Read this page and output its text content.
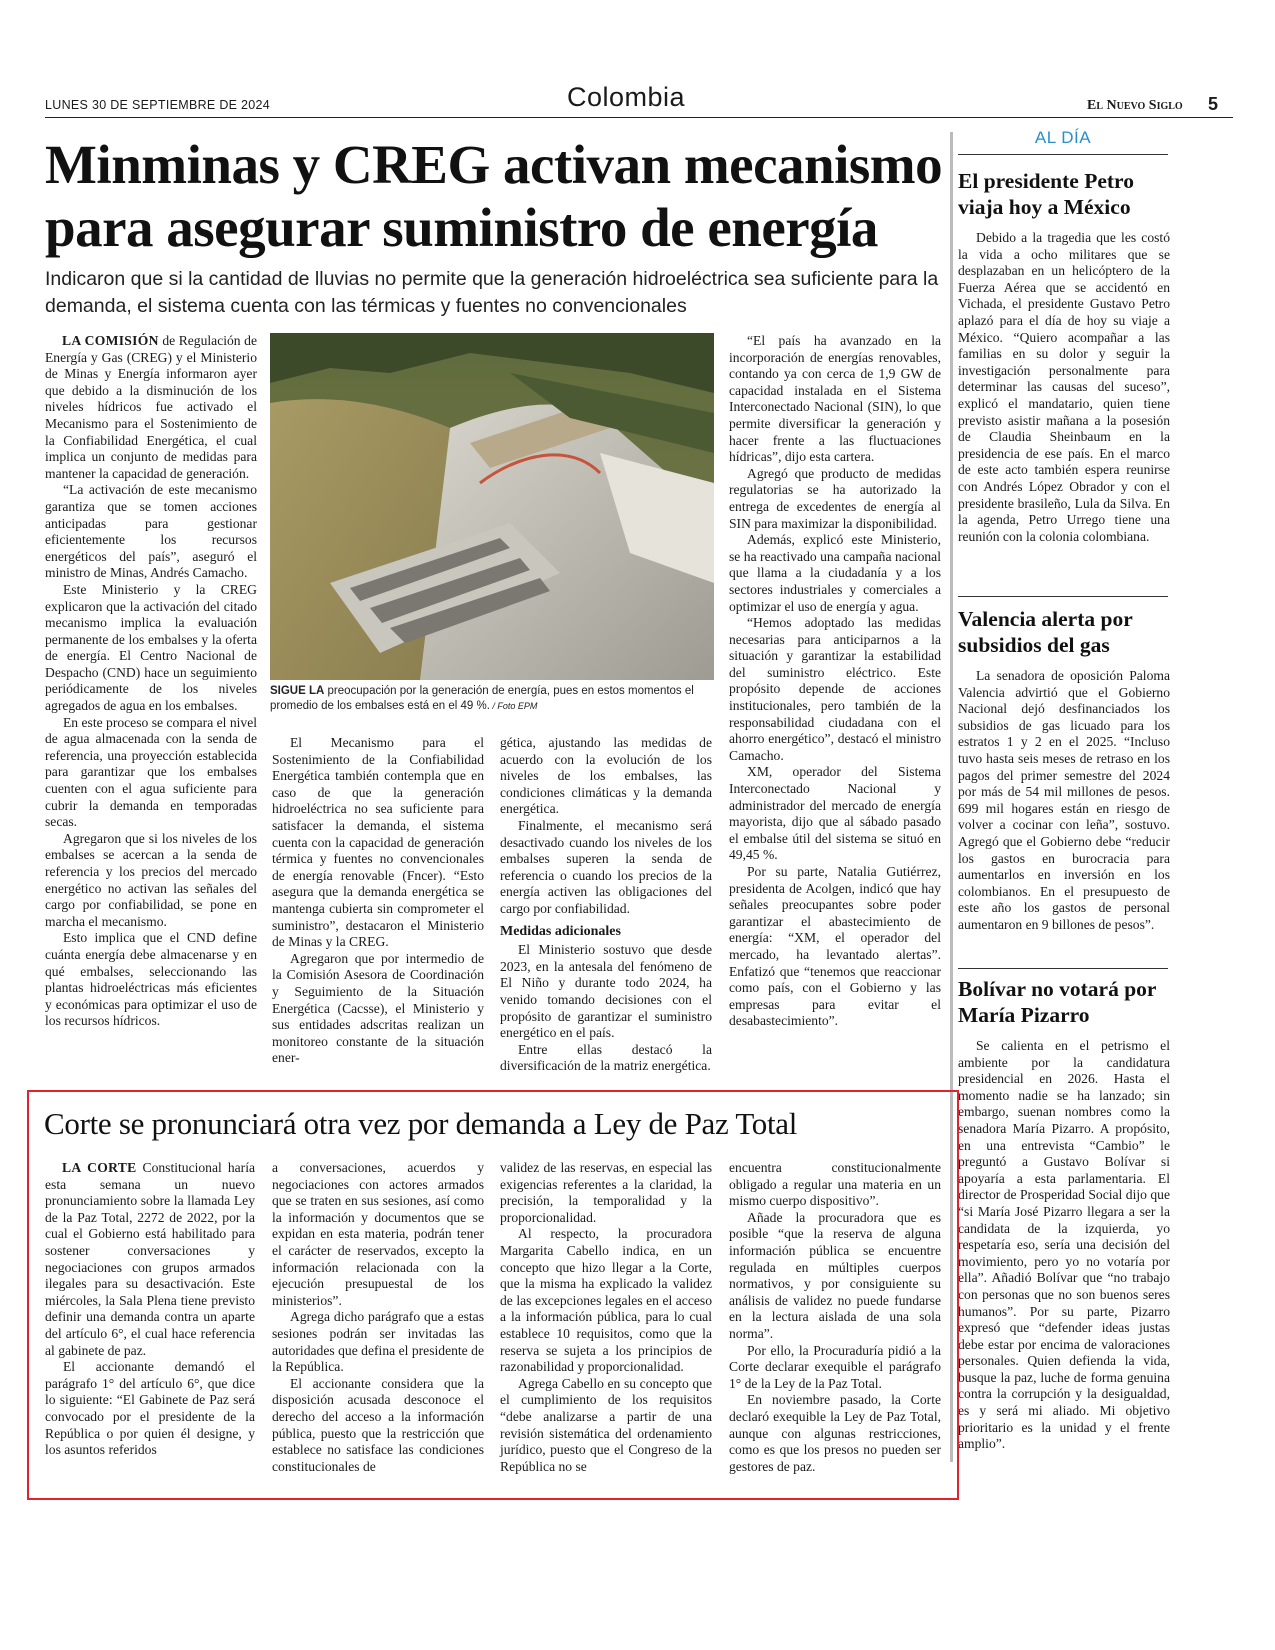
LUNES 30 DE SEPTIEMBRE DE 2024	Colombia	El Nuevo Siglo 5
Minminas y CREG activan mecanismo para asegurar suministro de energía

Indicaron que si la cantidad de lluvias no permite que la generación hidroeléctrica sea suficiente para la demanda, el sistema cuenta con las térmicas y fuentes no convencionales

LA COMISIÓN de Regulación de Energía y Gas (CREG) y el Ministerio de Minas y Energía informaron ayer que debido a la disminución de los niveles hídricos fue activado el Mecanismo para el Sostenimiento de la Confiabilidad Energética, el cual implica un conjunto de medidas para mantener la capacidad de generación.

“La activación de este mecanismo garantiza que se tomen acciones anticipadas para gestionar eficientemente los recursos energéticos del país”, aseguró el ministro de Minas, Andrés Camacho.

Este Ministerio y la CREG explicaron que la activación del citado mecanismo implica la evaluación permanente de los embalses y la oferta de energía. El Centro Nacional de Despacho (CND) hace un seguimiento periódicamente de los niveles agregados de agua en los embalses.

En este proceso se compara el nivel de agua almacenada con la senda de referencia, una proyección establecida para garantizar que los embalses cuenten con el agua suficiente para cubrir la demanda en temporadas secas.

Agregaron que si los niveles de los embalses se acercan a la senda de referencia y los precios del mercado energético no activan las señales del cargo por confiabilidad, se pone en marcha el mecanismo.

Esto implica que el CND define cuánta energía debe almacenarse y en qué embalses, seleccionando las plantas hidroeléctricas más eficientes y económicas para optimizar el uso de los recursos hídricos.

SIGUE LA preocupación por la generación de energía, pues en estos momentos el promedio de los embalses está en el 49 %. / Foto EPM

El Mecanismo para el Sostenimiento de la Confiabilidad Energética también contempla que en caso de que la generación hidroeléctrica no sea suficiente para satisfacer la demanda, el sistema cuenta con la capacidad de generación térmica y fuentes no convencionales de energía renovable (Fncer). “Esto asegura que la demanda energética se mantenga cubierta sin comprometer el suministro”, destacaron el Ministerio de Minas y la CREG.

Agregaron que por intermedio de la Comisión Asesora de Coordinación y Seguimiento de la Situación Energética (Cacsse), el Ministerio y sus entidades adscritas realizan un monitoreo constante de la situación ener-

gética, ajustando las medidas de acuerdo con la evolución de los niveles de los embalses, las condiciones climáticas y la demanda energética.

Finalmente, el mecanismo será desactivado cuando los niveles de los embalses superen la senda de referencia o cuando los precios de la energía activen las obligaciones del cargo por confiabilidad.

Medidas adicionales

El Ministerio sostuvo que desde 2023, en la antesala del fenómeno de El Niño y durante todo 2024, ha venido tomando decisiones con el propósito de garantizar el suministro energético en el país.

Entre ellas destacó la diversificación de la matriz energética.

“El país ha avanzado en la incorporación de energías renovables, contando ya con cerca de 1,9 GW de capacidad instalada en el Sistema Interconectado Nacional (SIN), lo que permite diversificar la generación y hacer frente a las fluctuaciones hídricas”, dijo esta cartera.

Agregó que producto de medidas regulatorias se ha autorizado la entrega de excedentes de energía al SIN para maximizar la disponibilidad.

Además, explicó este Ministerio, se ha reactivado una campaña nacional que llama a la ciudadanía y a los sectores industriales y comerciales a optimizar el uso de energía y agua.

“Hemos adoptado las medidas necesarias para anticiparnos a la situación y garantizar la estabilidad del suministro eléctrico. Este propósito depende de acciones institucionales, pero también de la responsabilidad ciudadana con el ahorro energético”, destacó el ministro Camacho.

XM, operador del Sistema Interconectado Nacional y administrador del mercado de energía mayorista, dijo que al sábado pasado el embalse útil del sistema se situó en 49,45 %.

Por su parte, Natalia Gutiérrez, presidenta de Acolgen, indicó que hay señales preocupantes sobre poder garantizar el abastecimiento de energía: “XM, el operador del mercado, ha levantado alertas”. Enfatizó que “tenemos que reaccionar como país, con el Gobierno y las empresas para evitar el desabastecimiento”.

AL DÍA
El presidente Petro viaja hoy a México

Debido a la tragedia que les costó la vida a ocho militares que se desplazaban en un helicóptero de la Fuerza Aérea que se accidentó en Vichada, el presidente Gustavo Petro aplazó para el día de hoy su viaje a México. “Quiero acompañar a las familias en su dolor y seguir la investigación personalmente para determinar las causas del suceso”, explicó el mandatario, quien tiene previsto asistir mañana a la posesión de Claudia Sheinbaum en la presidencia de ese país. En el marco de este acto también espera reunirse con Andrés López Obrador y con el presidente brasileño, Lula da Silva. En la agenda, Petro Urrego tiene una reunión con la colonia colombiana.

Valencia alerta por subsidios del gas

La senadora de oposición Paloma Valencia advirtió que el Gobierno Nacional dejó desfinanciados los subsidios de gas licuado para los estratos 1 y 2 en el 2025. “Incluso tuvo hasta seis meses de retraso en los pagos del primer semestre del 2024 por más de 54 mil millones de pesos. 699 mil hogares están en riesgo de volver a cocinar con leña”, sostuvo. Agregó que el Gobierno debe “reducir los gastos en burocracia para aumentarlos en inversión en los colombianos. En el presupuesto de este año los gastos de personal aumentaron en 9 billones de pesos”.

Bolívar no votará por María Pizarro

Se calienta en el petrismo el ambiente por la candidatura presidencial en 2026. Hasta el momento nadie se ha lanzado; sin embargo, suenan nombres como la senadora María Pizarro. A propósito, en una entrevista “Cambio” le preguntó a Gustavo Bolívar si apoyaría a esta parlamentaria. El director de Prosperidad Social dijo que “si María José Pizarro llegara a ser la candidata de la izquierda, yo respetaría eso, sería una decisión del movimiento, pero yo no votaría por ella”. Añadió Bolívar que “no trabajo con personas que no son buenos seres humanos”. Por su parte, Pizarro expresó que “defender ideas justas debe estar por encima de valoraciones personales. Quien defienda la vida, busque la paz, luche de forma genuina contra la corrupción y la desigualdad, es y será mi aliado. Mi objetivo prioritario es la unidad y el frente amplio”.

Corte se pronunciará otra vez por demanda a Ley de Paz Total

LA CORTE Constitucional haría esta semana un nuevo pronunciamiento sobre la llamada Ley de la Paz Total, 2272 de 2022, por la cual el Gobierno está habilitado para sostener conversaciones y negociaciones con grupos armados ilegales para su desactivación. Este miércoles, la Sala Plena tiene previsto definir una demanda contra un aparte del artículo 6°, el cual hace referencia al gabinete de paz.

El accionante demandó el parágrafo 1° del artículo 6°, que dice lo siguiente: “El Gabinete de Paz será convocado por el presidente de la República o por quien él designe, y los asuntos referidos

a conversaciones, acuerdos y negociaciones con actores armados que se traten en sus sesiones, así como la información y documentos que se expidan en esta materia, podrán tener el carácter de reservados, excepto la información relacionada con la ejecución presupuestal de los ministerios”.

Agrega dicho parágrafo que a estas sesiones podrán ser invitadas las autoridades que defina el presidente de la República.

El accionante considera que la disposición acusada desconoce el derecho del acceso a la información pública, puesto que la restricción que establece no satisface las condiciones constitucionales de

validez de las reservas, en especial las exigencias referentes a la claridad, la precisión, la temporalidad y la proporcionalidad.

Al respecto, la procuradora Margarita Cabello indica, en un concepto que hizo llegar a la Corte, que la misma ha explicado la validez de las excepciones legales en el acceso a la información pública, para lo cual establece 10 requisitos, como que la reserva se sujeta a los principios de razonabilidad y proporcionalidad.

Agrega Cabello en su concepto que el cumplimiento de los requisitos “debe analizarse a partir de una revisión sistemática del ordenamiento jurídico, puesto que el Congreso de la República no se

encuentra constitucionalmente obligado a regular una materia en un mismo cuerpo dispositivo”.

Añade la procuradora que es posible “que la reserva de alguna información pública se encuentre regulada en múltiples cuerpos normativos, y por consiguiente su análisis de validez no puede fundarse en la lectura aislada de una sola norma”.

Por ello, la Procuraduría pidió a la Corte declarar exequible el parágrafo 1° de la Ley de la Paz Total.

En noviembre pasado, la Corte declaró exequible la Ley de Paz Total, aunque con algunas restricciones, como es que los presos no pueden ser gestores de paz.
